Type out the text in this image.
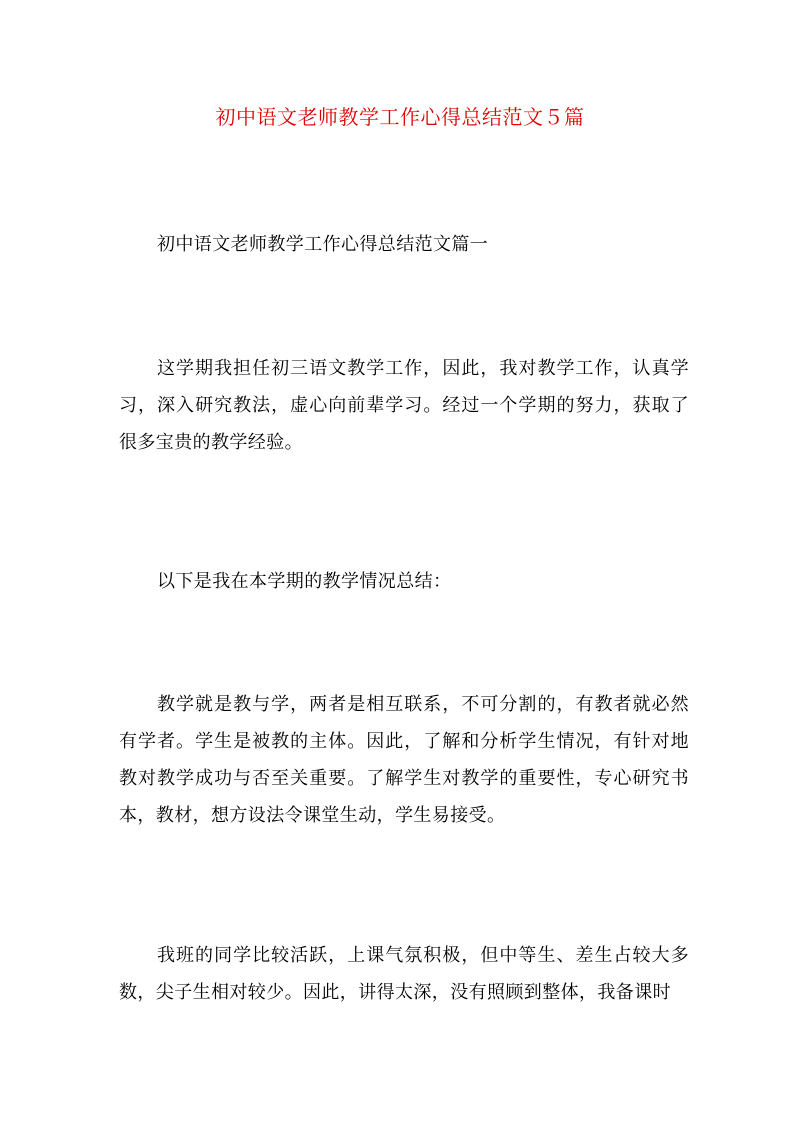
初中语文老师教学工作心得总结范文５篇
初中语文老师教学工作心得总结范文篇一
这学期我担任初三语文教学工作，因此，我对教学工作，认真学习，深入研究教法，虚心向前辈学习。经过一个学期的努力，获取了很多宝贵的教学经验。
以下是我在本学期的教学情况总结：
教学就是教与学，两者是相互联系，不可分割的，有教者就必然有学者。学生是被教的主体。因此，了解和分析学生情况，有针对地教对教学成功与否至关重要。了解学生对教学的重要性，专心研究书本，教材，想方设法令课堂生动，学生易接受。
我班的同学比较活跃，上课气氛积极，但中等生、差生占较大多数，尖子生相对较少。因此，讲得太深，没有照顾到整体，我备课时
